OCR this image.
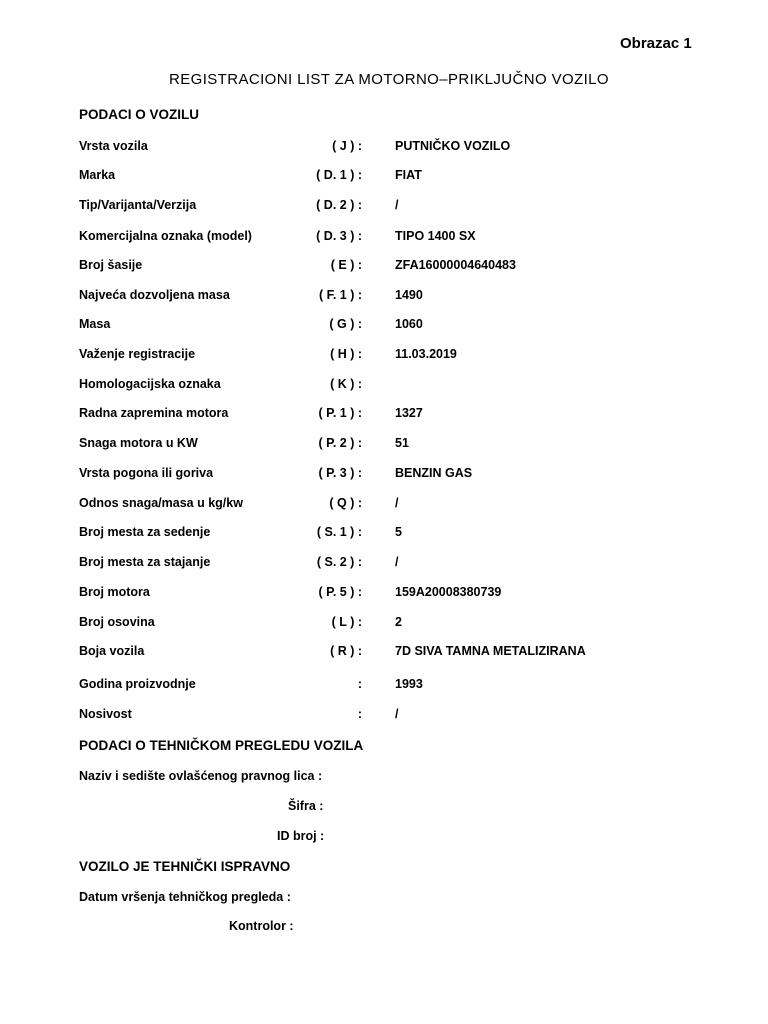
Obrazac 1
REGISTRACIONI LIST ZA MOTORNO–PRIKLJUČNO VOZILO
PODACI O VOZILU
Vrsta vozila	( J ) :	PUTNIČKO VOZILO
Marka	( D. 1 ) :	FIAT
Tip/Varijanta/Verzija	( D. 2 ) :	/
Komercijalna oznaka (model)	( D. 3 ) :	TIPO 1400 SX
Broj šasije	( E ) :	ZFA16000004640483
Najveća dozvoljena masa	( F. 1 ) :	1490
Masa	( G ) :	1060
Važenje registracije	( H ) :	11.03.2019
Homologacijska oznaka	( K ) :
Radna zapremina motora	( P. 1 ) :	1327
Snaga motora u KW	( P. 2 ) :	51
Vrsta pogona ili goriva	( P. 3 ) :	BENZIN GAS
Odnos snaga/masa u kg/kw	( Q ) :	/
Broj mesta za sedenje	( S. 1 ) :	5
Broj mesta za stajanje	( S. 2 ) :	/
Broj motora	( P. 5 ) :	159A20008380739
Broj osovina	( L ) :	2
Boja vozila	( R ) :	7D SIVA TAMNA METALIZIRANA
Godina proizvodnje	:	1993
Nosivost	:	/
PODACI O TEHNIČKOM PREGLEDU VOZILA
Naziv i sedište ovlašćenog pravnog lica :
Šifra :
ID broj :
VOZILO JE TEHNIČKI ISPRAVNO
Datum vršenja tehničkog pregleda :
Kontrolor :
